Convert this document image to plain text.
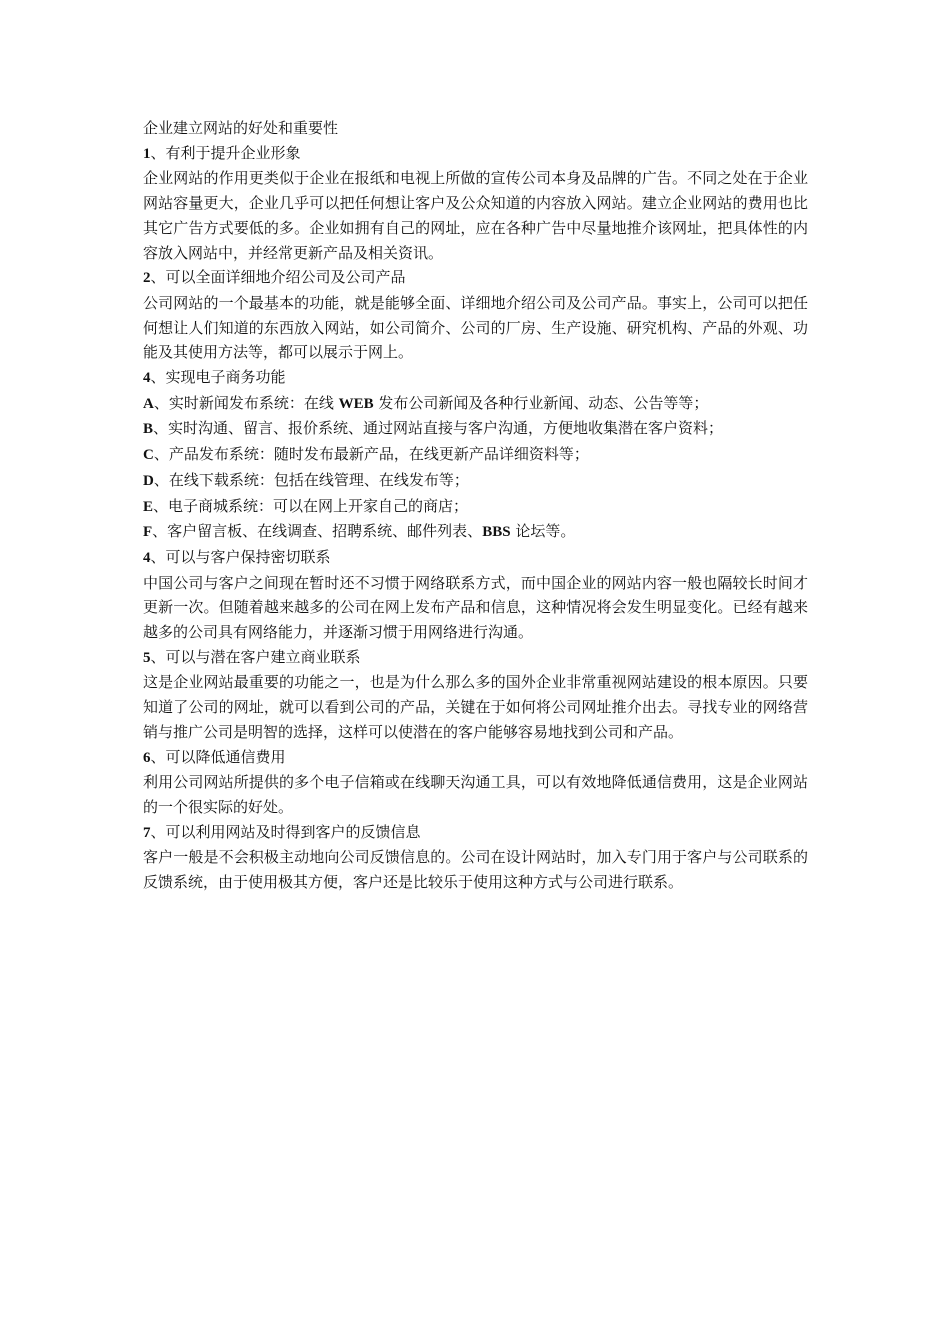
企业建立网站的好处和重要性

1、有利于提升企业形象

企业网站的作用更类似于企业在报纸和电视上所做的宣传公司本身及品牌的广告。不同之处在于企业网站容量更大，企业几乎可以把任何想让客户及公众知道的内容放入网站。建立企业网站的费用也比其它广告方式要低的多。企业如拥有自己的网址，应在各种广告中尽量地推介该网址，把具体性的内容放入网站中，并经常更新产品及相关资讯。

2、可以全面详细地介绍公司及公司产品

公司网站的一个最基本的功能，就是能够全面、详细地介绍公司及公司产品。事实上，公司可以把任何想让人们知道的东西放入网站，如公司简介、公司的厂房、生产设施、研究机构、产品的外观、功能及其使用方法等，都可以展示于网上。

4、实现电子商务功能

A、实时新闻发布系统：在线 WEB 发布公司新闻及各种行业新闻、动态、公告等等；

B、实时沟通、留言、报价系统、通过网站直接与客户沟通，方便地收集潜在客户资料；

C、产品发布系统：随时发布最新产品，在线更新产品详细资料等；

D、在线下载系统：包括在线管理、在线发布等；

E、电子商城系统：可以在网上开家自己的商店；

F、客户留言板、在线调查、招聘系统、邮件列表、BBS 论坛等。

4、可以与客户保持密切联系

中国公司与客户之间现在暂时还不习惯于网络联系方式，而中国企业的网站内容一般也隔较长时间才更新一次。但随着越来越多的公司在网上发布产品和信息，这种情况将会发生明显变化。已经有越来越多的公司具有网络能力，并逐渐习惯于用网络进行沟通。

5、可以与潜在客户建立商业联系

这是企业网站最重要的功能之一，也是为什么那么多的国外企业非常重视网站建设的根本原因。只要知道了公司的网址，就可以看到公司的产品，关键在于如何将公司网址推介出去。寻找专业的网络营销与推广公司是明智的选择，这样可以使潜在的客户能够容易地找到公司和产品。

6、可以降低通信费用

利用公司网站所提供的多个电子信箱或在线聊天沟通工具，可以有效地降低通信费用，这是企业网站的一个很实际的好处。

7、可以利用网站及时得到客户的反馈信息

客户一般是不会积极主动地向公司反馈信息的。公司在设计网站时，加入专门用于客户与公司联系的反馈系统，由于使用极其方便，客户还是比较乐于使用这种方式与公司进行联系。
